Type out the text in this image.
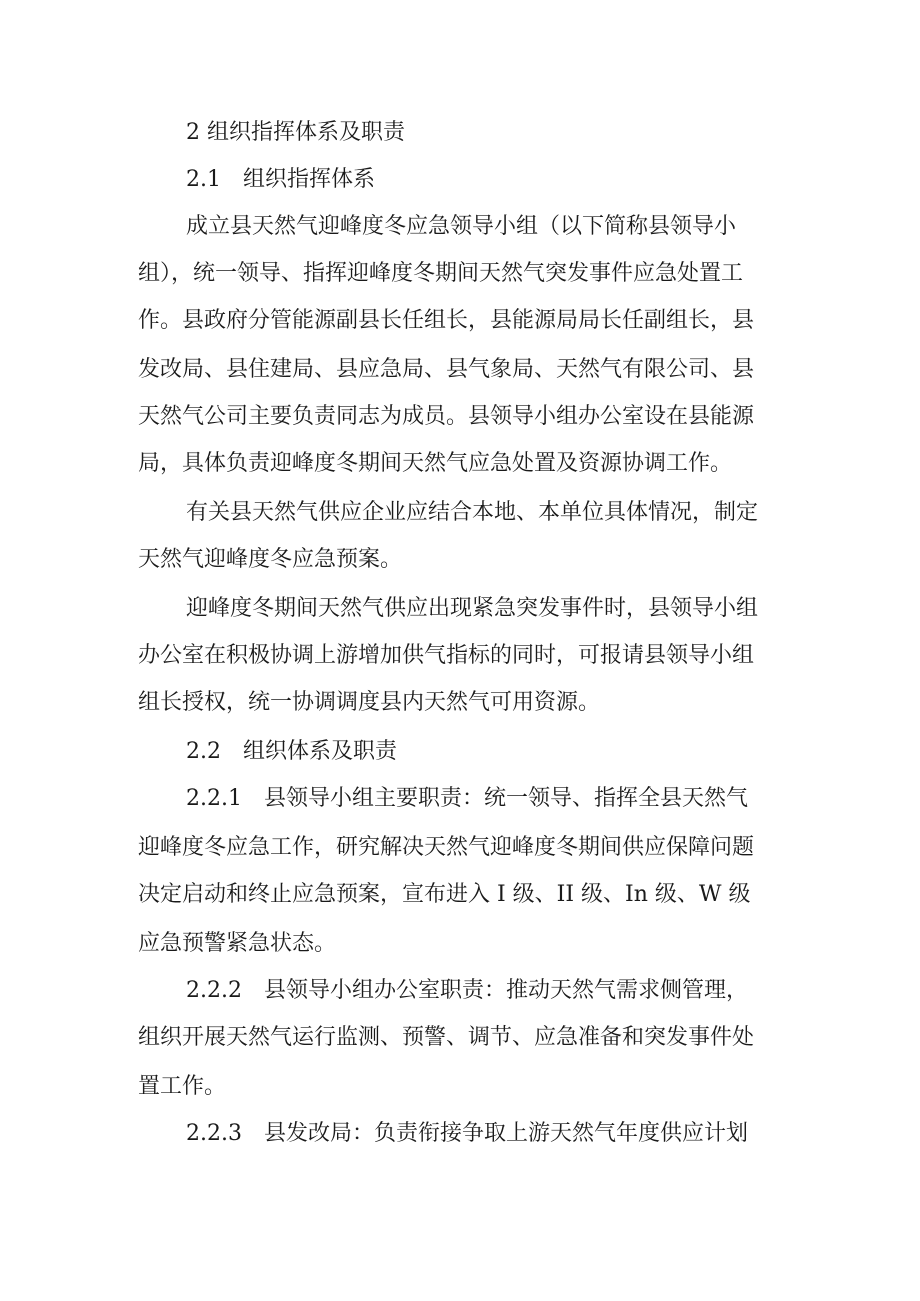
2 组织指挥体系及职责
2.1　组织指挥体系
成立县天然气迎峰度冬应急领导小组（以下简称县领导小
组），统一领导、指挥迎峰度冬期间天然气突发事件应急处置工
作。县政府分管能源副县长任组长，县能源局局长任副组长，县
发改局、县住建局、县应急局、县气象局、天然气有限公司、县
天然气公司主要负责同志为成员。县领导小组办公室设在县能源
局，具体负责迎峰度冬期间天然气应急处置及资源协调工作。
有关县天然气供应企业应结合本地、本单位具体情况，制定
天然气迎峰度冬应急预案。
迎峰度冬期间天然气供应出现紧急突发事件时，县领导小组
办公室在积极协调上游增加供气指标的同时，可报请县领导小组
组长授权，统一协调调度县内天然气可用资源。
2.2　组织体系及职责
2.2.1　县领导小组主要职责：统一领导、指挥全县天然气
迎峰度冬应急工作，研究解决天然气迎峰度冬期间供应保障问题
决定启动和终止应急预案，宣布进入 I 级、II 级、In 级、W 级
应急预警紧急状态。
2.2.2　县领导小组办公室职责：推动天然气需求侧管理，
组织开展天然气运行监测、预警、调节、应急准备和突发事件处
置工作。
2.2.3　县发改局：负责衔接争取上游天然气年度供应计划
